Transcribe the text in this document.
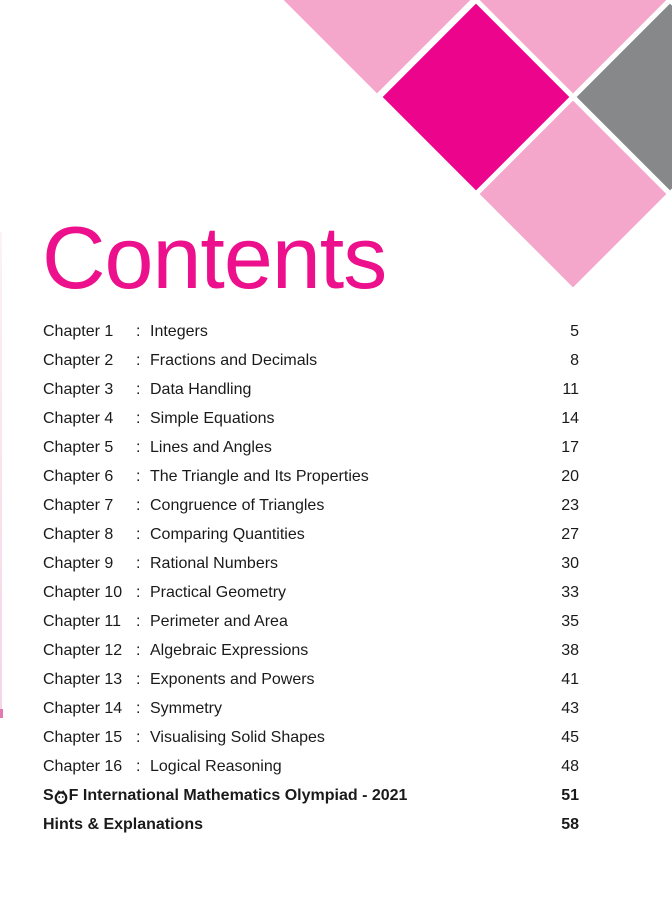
Contents
Chapter 1	: Integers	5
Chapter 2	: Fractions and Decimals	8
Chapter 3	: Data Handling	11
Chapter 4	: Simple Equations	14
Chapter 5	: Lines and Angles	17
Chapter 6	: The Triangle and Its Properties	20
Chapter 7	: Congruence of Triangles	23
Chapter 8	: Comparing Quantities	27
Chapter 9	: Rational Numbers	30
Chapter 10 : Practical Geometry	33
Chapter 11 : Perimeter and Area	35
Chapter 12 : Algebraic Expressions	38
Chapter 13 : Exponents and Powers	41
Chapter 14 : Symmetry	43
Chapter 15 : Visualising Solid Shapes	45
Chapter 16 : Logical Reasoning	48
S F International Mathematics Olympiad - 2021	51
Hints & Explanations	58
